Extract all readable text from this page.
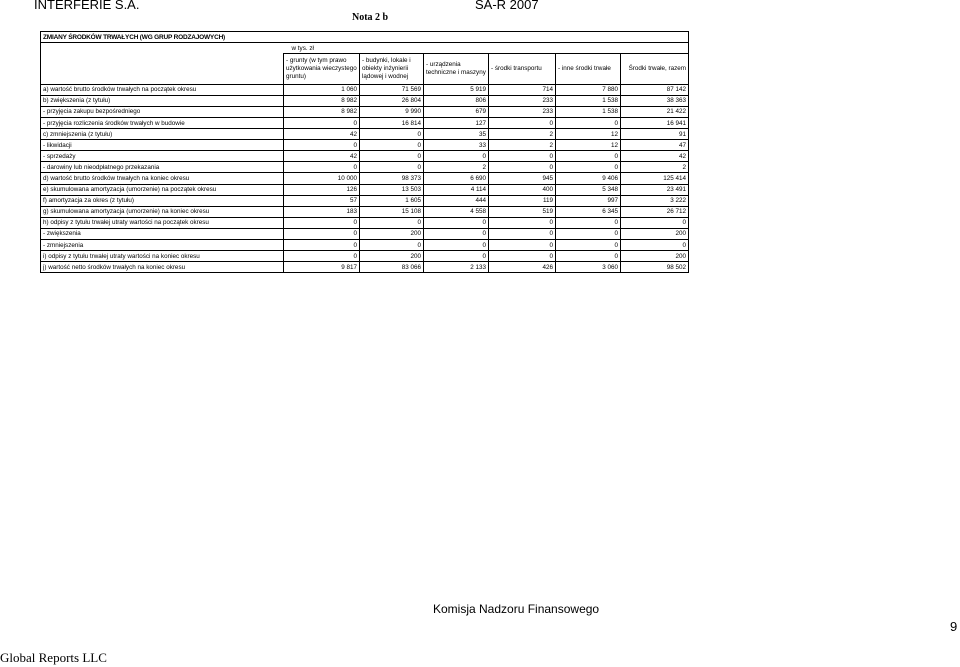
INTERFERIE S.A.	SA-R 2007
Nota 2 b
ZMIANY ŚRODKÓW TRWAŁYCH (WG GRUP RODZAJOWYCH)						
	w tys. zł					
	- grunty (w tym prawo użytkowania wieczystego gruntu)	- budynki, lokale i obiekty inżynierii lądowej i wodnej	- urządzenia techniczne i maszyny	- środki transportu	- inne środki trwałe	Środki trwałe, razem
a) wartość brutto środków trwałych na początek okresu	1 060	71 569	5 919	714	7 880	87 142
b) zwiększenia (z tytułu)	8 982	26 804	806	233	1 538	38 363
- przyjęcia zakupu bezpośredniego	8 982	9 990	679	233	1 538	21 422
- przyjęcia rozliczenia środków trwałych w budowie	0	16 814	127	0	0	16 941
c) zmniejszenia (z tytułu)	42	0	35	2	12	91
- likwidacji	0	0	33	2	12	47
- sprzedaży	42	0	0	0	0	42
- darowiny lub nieodpłatnego przekazania	0	0	2	0	0	2
d) wartość brutto środków trwałych na koniec okresu	10 000	98 373	6 690	945	9 406	125 414
e) skumulowana amortyzacja (umorzenie) na początek okresu	126	13 503	4 114	400	5 348	23 491
f) amortyzacja za okres (z tytułu)	57	1 605	444	119	997	3 222
g) skumulowana amortyzacja (umorzenie) na koniec okresu	183	15 108	4 558	519	6 345	26 712
h) odpisy z tytułu trwałej utraty wartości na początek okresu	0	0	0	0	0	0
- zwiększenia	0	200	0	0	0	200
- zmniejszenia	0	0	0	0	0	0
i) odpisy z tytułu trwałej utraty wartości na koniec okresu	0	200	0	0	0	200
j) wartość netto środków trwałych na koniec okresu	9 817	83 066	2 133	426	3 060	98 502
Komisja Nadzoru Finansowego
9
Global Reports LLC
